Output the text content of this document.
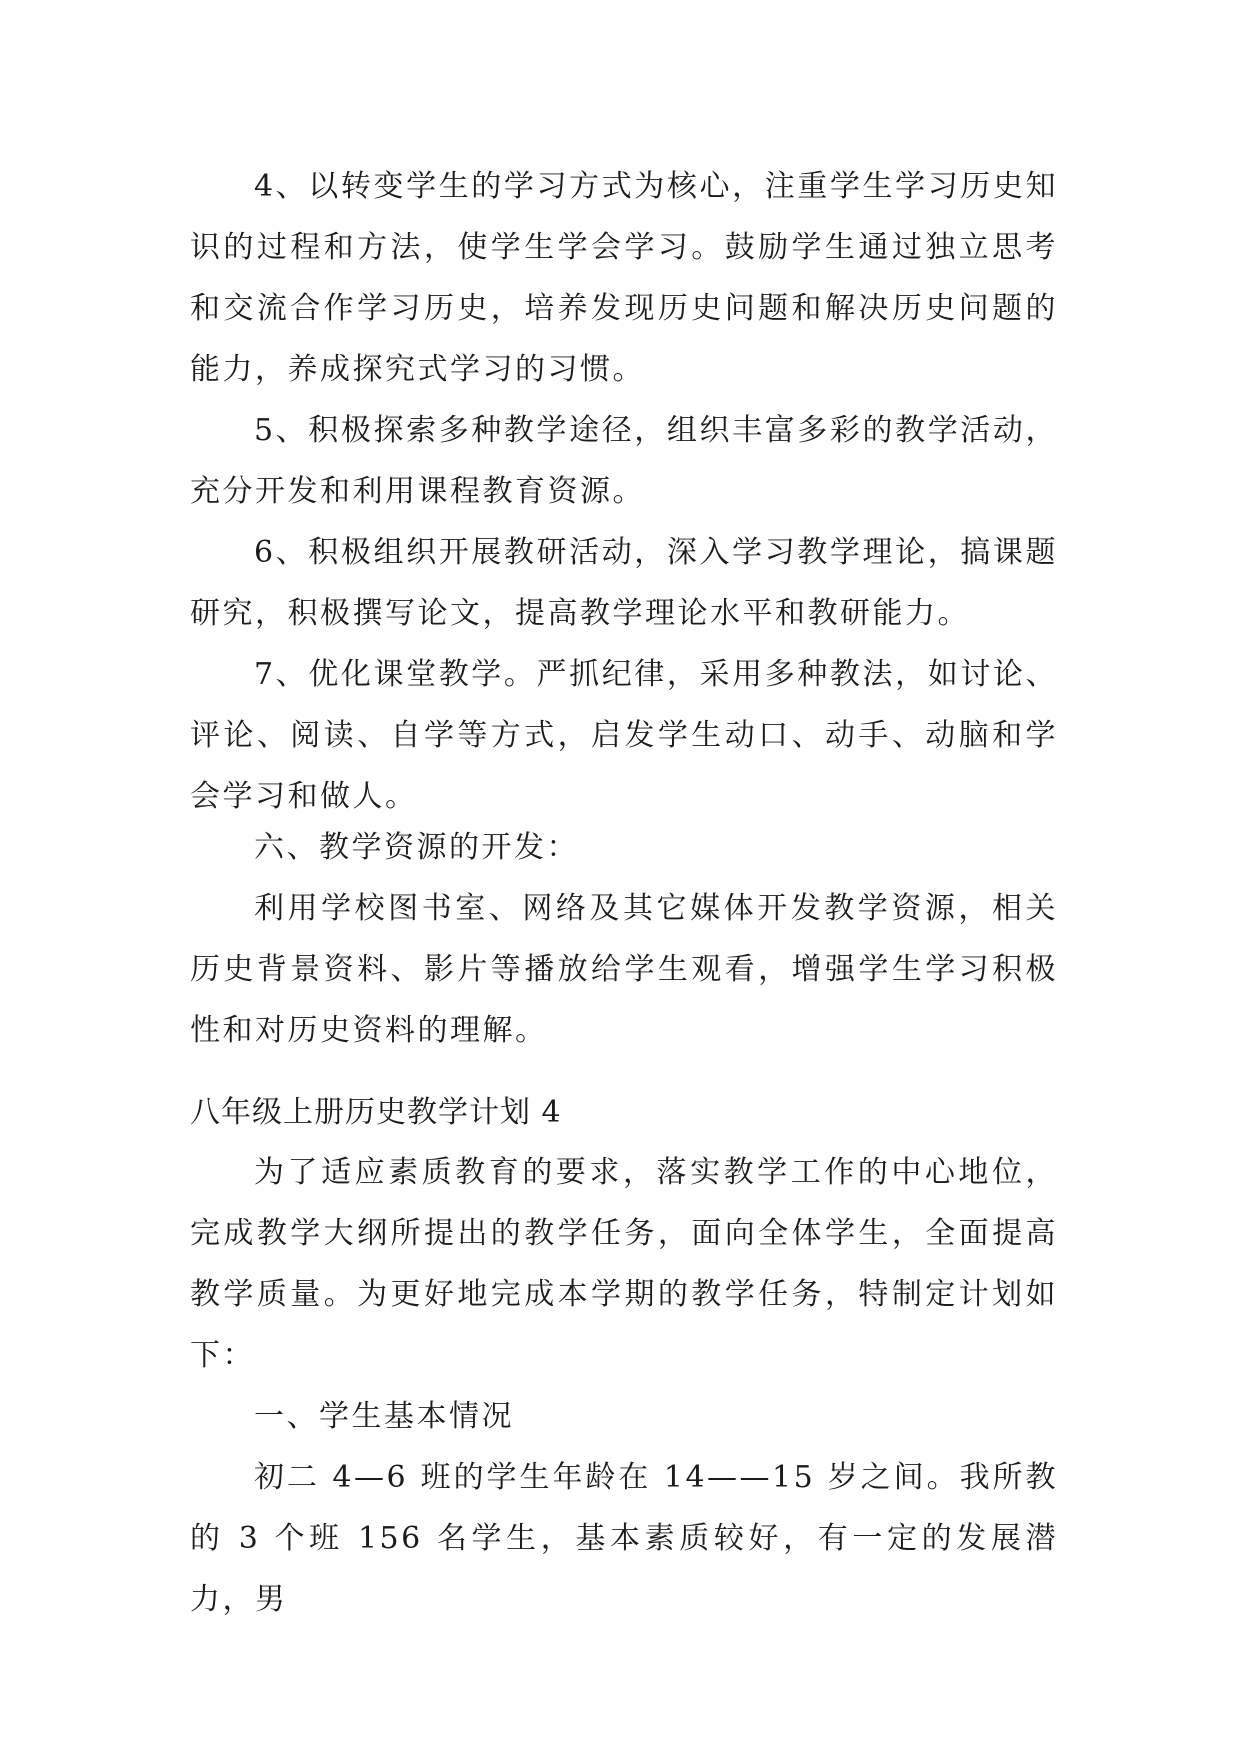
4、以转变学生的学习方式为核心，注重学生学习历史知识的过程和方法，使学生学会学习。鼓励学生通过独立思考和交流合作学习历史，培养发现历史问题和解决历史问题的能力，养成探究式学习的习惯。
5、积极探索多种教学途径，组织丰富多彩的教学活动，充分开发和利用课程教育资源。
6、积极组织开展教研活动，深入学习教学理论，搞课题研究，积极撰写论文，提高教学理论水平和教研能力。
7、优化课堂教学。严抓纪律，采用多种教法，如讨论、评论、阅读、自学等方式，启发学生动口、动手、动脑和学会学习和做人。
六、教学资源的开发：
利用学校图书室、网络及其它媒体开发教学资源，相关历史背景资料、影片等播放给学生观看，增强学生学习积极性和对历史资料的理解。
八年级上册历史教学计划 4
为了适应素质教育的要求，落实教学工作的中心地位，完成教学大纲所提出的教学任务，面向全体学生，全面提高教学质量。为更好地完成本学期的教学任务，特制定计划如下：
一、学生基本情况
初二 4—6 班的学生年龄在 14——15 岁之间。我所教的 3 个班 156 名学生，基本素质较好，有一定的发展潜力，男
